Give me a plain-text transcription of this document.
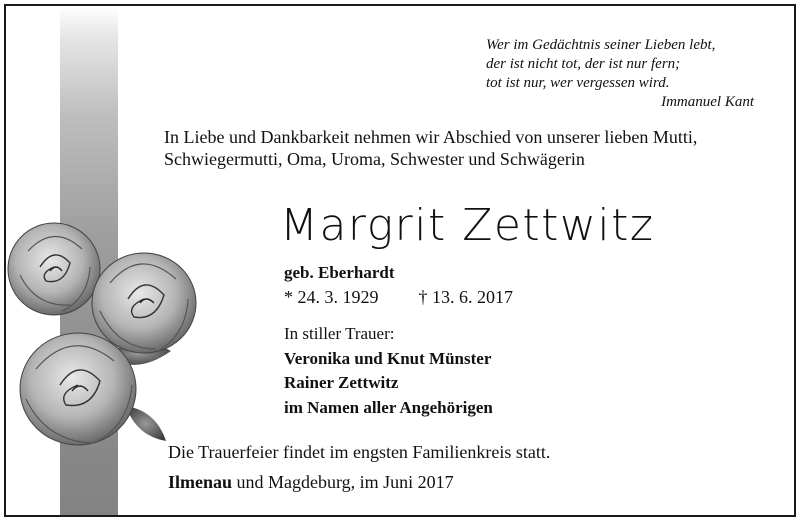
Wer im Gedächtnis seiner Lieben lebt,
der ist nicht tot, der ist nur fern;
tot ist nur, wer vergessen wird.
Immanuel Kant
In Liebe und Dankbarkeit nehmen wir Abschied von unserer lieben Mutti,
Schwiegermutti, Oma, Uroma, Schwester und Schwägerin
Margrit Zettwitz
geb. Eberhardt
* 24. 3. 1929 † 13. 6. 2017
In stiller Trauer:
Veronika und Knut Münster
Rainer Zettwitz
im Namen aller Angehörigen
Die Trauerfeier findet im engsten Familienkreis statt.
Ilmenau und Magdeburg, im Juni 2017
